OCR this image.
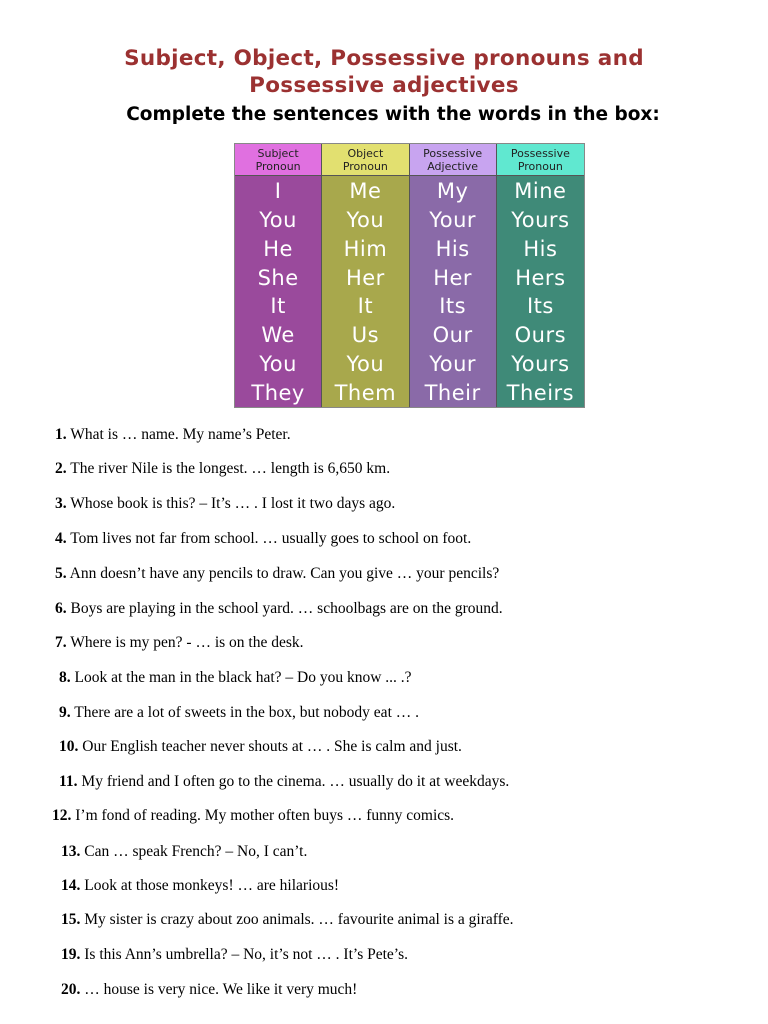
Subject, Object, Possessive pronouns and
Possessive adjectives
Complete the sentences with the words in the box:
Subject
Pronoun
I
You
He
She
It
We
You
They
Object
Pronoun
Me
You
Him
Her
It
Us
You
Them
Possessive
Adjective
My
Your
His
Her
Its
Our
Your
Their
Possessive
Pronoun
Mine
Yours
His
Hers
Its
Ours
Yours
Theirs
1. What is … name. My name’s Peter.
2. The river Nile is the longest. … length is 6,650 km.
3. Whose book is this? – It’s … . I lost it two days ago.
4. Tom lives not far from school. … usually goes to school on foot.
5. Ann doesn’t have any pencils to draw. Can you give … your pencils?
6. Boys are playing in the school yard. … schoolbags are on the ground.
7. Where is my pen? - … is on the desk.
8. Look at the man in the black hat? – Do you know ... .?
9. There are a lot of sweets in the box, but nobody eat … .
10. Our English teacher never shouts at … . She is calm and just.
11. My friend and I often go to the cinema. … usually do it at weekdays.
12. I’m fond of reading. My mother often buys … funny comics.
13. Can … speak French? – No, I can’t.
14. Look at those monkeys! … are hilarious!
15. My sister is crazy about zoo animals. … favourite animal is a giraffe.
19. Is this Ann’s umbrella? – No, it’s not … . It’s Pete’s.
20. … house is very nice. We like it very much!
